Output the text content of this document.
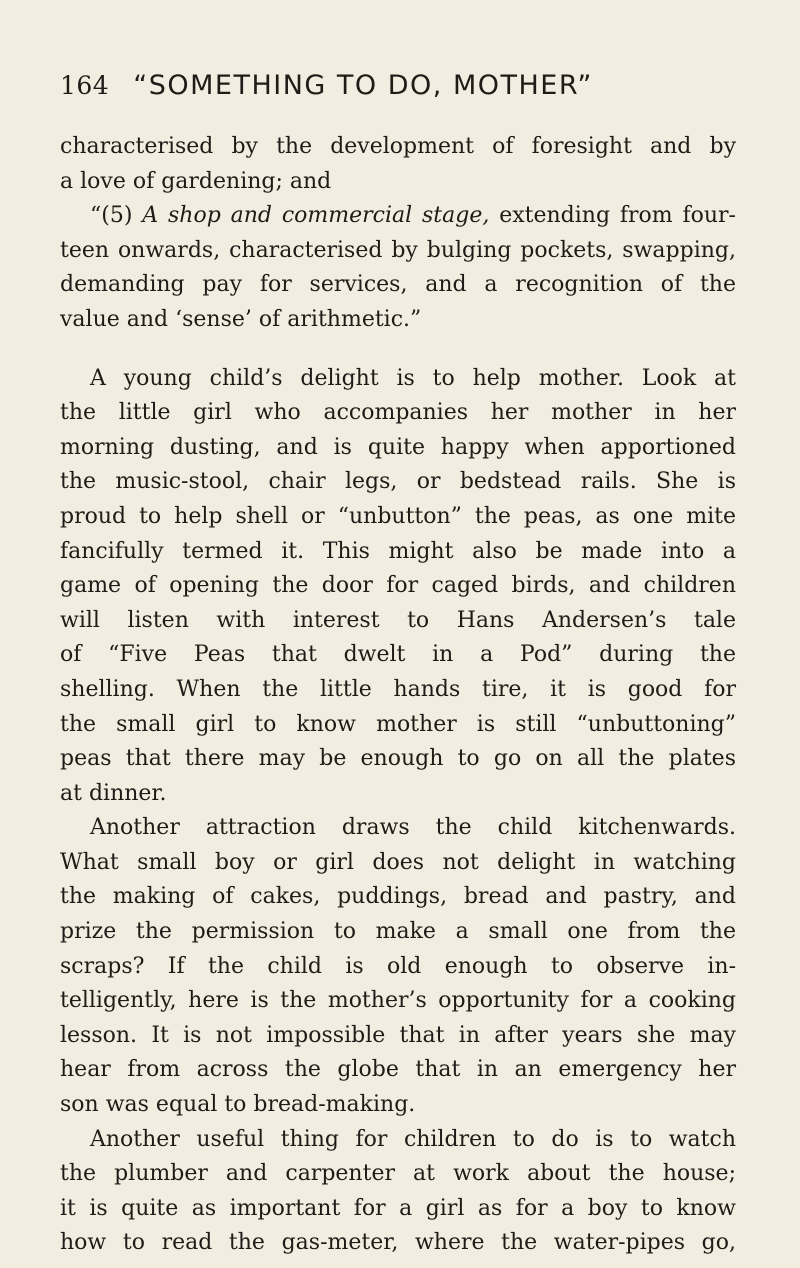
164 “SOMETHING TO DO, MOTHER”
characterised by the development of foresight and by
a love of gardening; and
“(5) A shop and commercial stage, extending from four-
teen onwards, characterised by bulging pockets, swapping,
demanding pay for services, and a recognition of the
value and ‘sense’ of arithmetic.”
A young child’s delight is to help mother. Look at
the little girl who accompanies her mother in her
morning dusting, and is quite happy when apportioned
the music-stool, chair legs, or bedstead rails. She is
proud to help shell or “unbutton” the peas, as one mite
fancifully termed it. This might also be made into a
game of opening the door for caged birds, and children
will listen with interest to Hans Andersen’s tale
of “Five Peas that dwelt in a Pod” during the
shelling. When the little hands tire, it is good for
the small girl to know mother is still “unbuttoning”
peas that there may be enough to go on all the plates
at dinner.
Another attraction draws the child kitchenwards.
What small boy or girl does not delight in watching
the making of cakes, puddings, bread and pastry, and
prize the permission to make a small one from the
scraps? If the child is old enough to observe in-
telligently, here is the mother’s opportunity for a cooking
lesson. It is not impossible that in after years she may
hear from across the globe that in an emergency her
son was equal to bread-making.
Another useful thing for children to do is to watch
the plumber and carpenter at work about the house;
it is quite as important for a girl as for a boy to know
how to read the gas-meter, where the water-pipes go,
